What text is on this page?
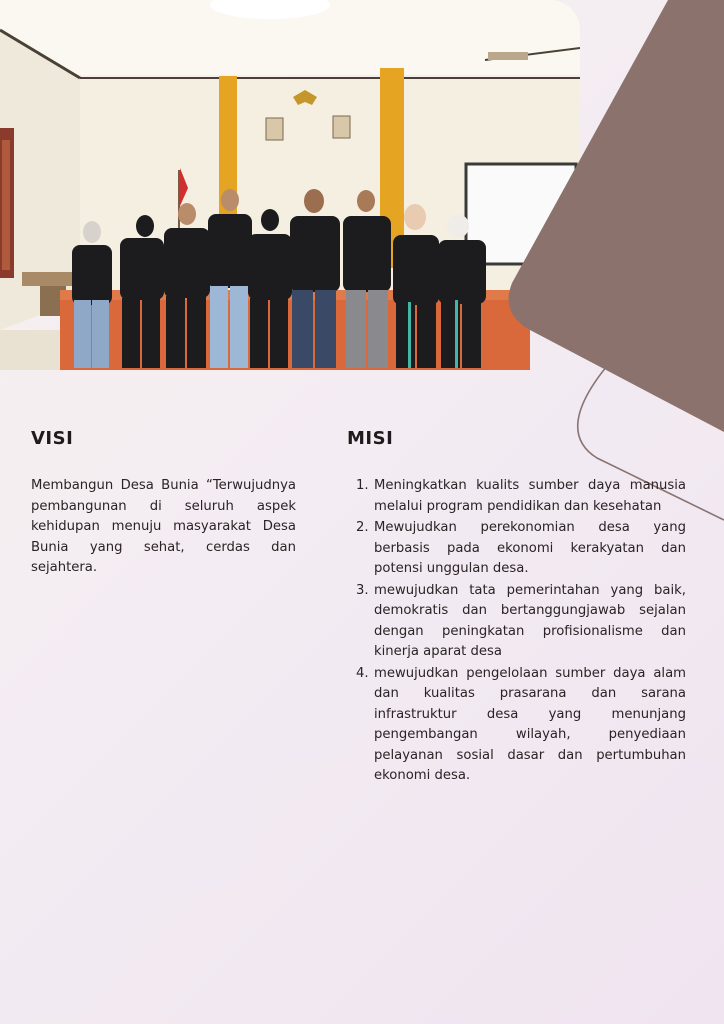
VISI
Membangun Desa Bunia “Terwujudnya pembangunan di seluruh aspek kehidupan menuju masyarakat Desa Bunia yang sehat, cerdas dan sejahtera.
MISI
1. Meningkatkan kualits sumber daya manusia melalui program pendidikan dan kesehatan
2. Mewujudkan perekonomian desa yang berbasis pada ekonomi kerakyatan dan potensi unggulan desa.
3. mewujudkan tata pemerintahan yang baik, demokratis dan bertanggungjawab sejalan dengan peningkatan profisionalisme dan kinerja aparat desa
4. mewujudkan pengelolaan sumber daya alam dan kualitas prasarana dan sarana infrastruktur desa yang menunjang pengembangan wilayah, penyediaan pelayanan sosial dasar dan pertumbuhan ekonomi desa.
